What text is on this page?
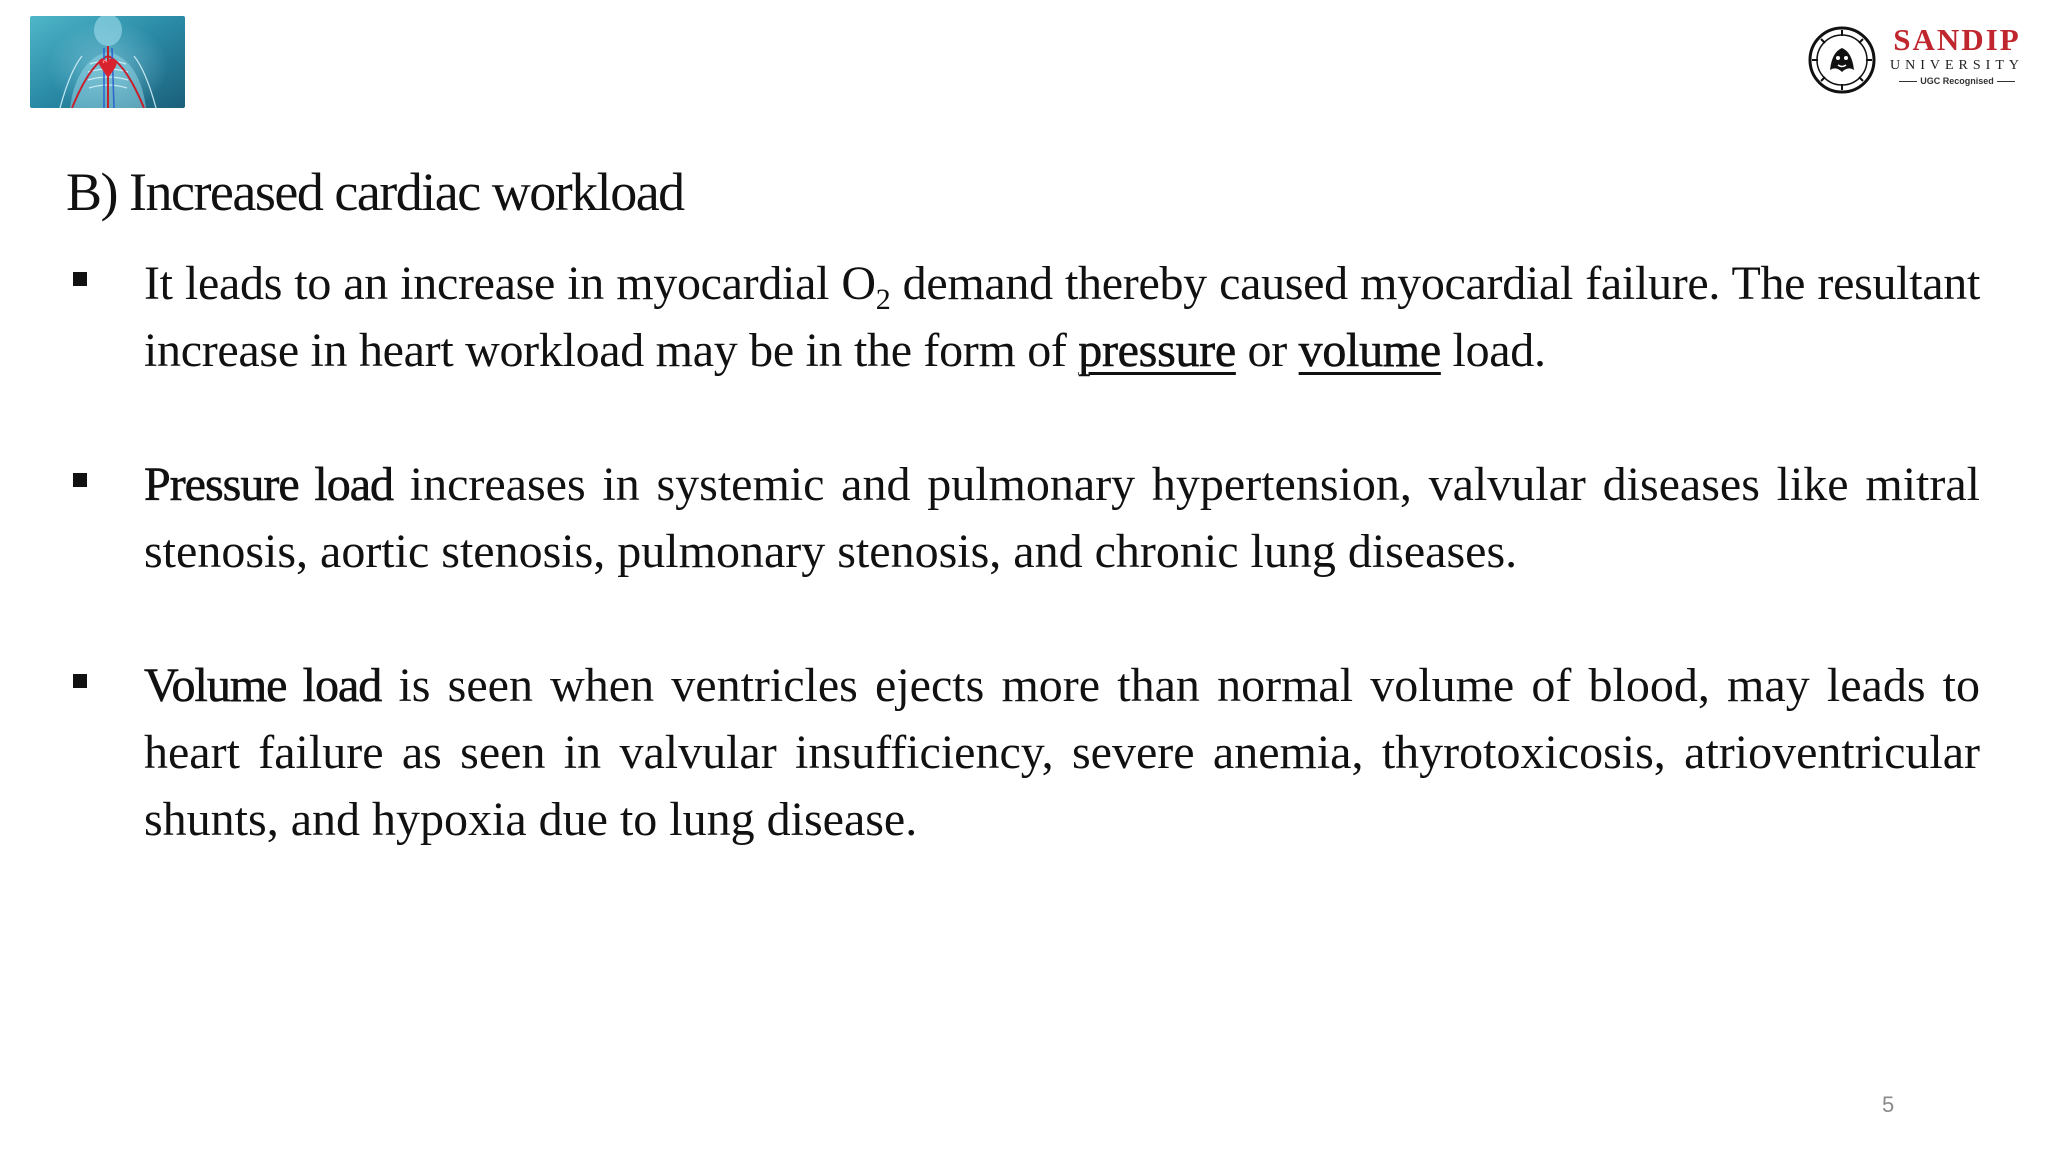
SANDIP
UNIVERSITY
UGC Recognised
B) Increased cardiac workload
It leads to an increase in myocardial $O_2$ demand thereby caused myocardial failure. The resultant increase in heart workload may be in the form of pressure or volume load.
Pressure load increases in systemic and pulmonary hypertension, valvular diseases like mitral stenosis, aortic stenosis, pulmonary stenosis, and chronic lung diseases.
Volume load is seen when ventricles ejects more than normal volume of blood, may leads to heart failure as seen in valvular insufficiency, severe anemia, thyrotoxicosis, atrioventricular shunts, and hypoxia due to lung disease.
5
